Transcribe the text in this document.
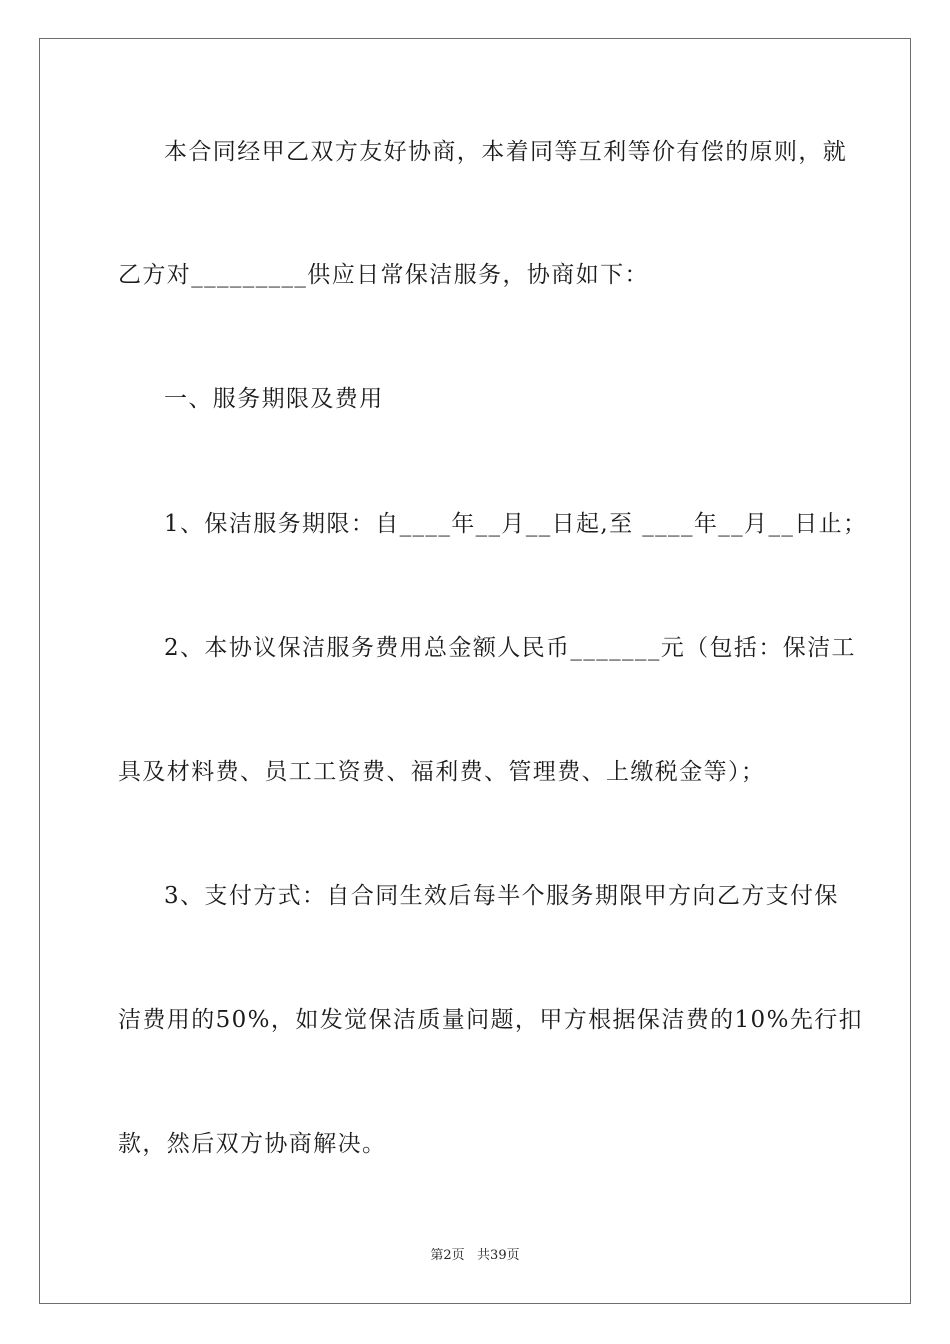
本合同经甲乙双方友好协商，本着同等互利等价有偿的原则，就
乙方对_________供应日常保洁服务，协商如下：
一、服务期限及费用
1、保洁服务期限：自____年__月__日起,至 ____年__月__日止；
2、本协议保洁服务费用总金额人民币_______元（包括：保洁工
具及材料费、员工工资费、福利费、管理费、上缴税金等）；
3、支付方式：自合同生效后每半个服务期限甲方向乙方支付保
洁费用的50%，如发觉保洁质量问题，甲方根据保洁费的10%先行扣
款，然后双方协商解决。
第2页   共39页
